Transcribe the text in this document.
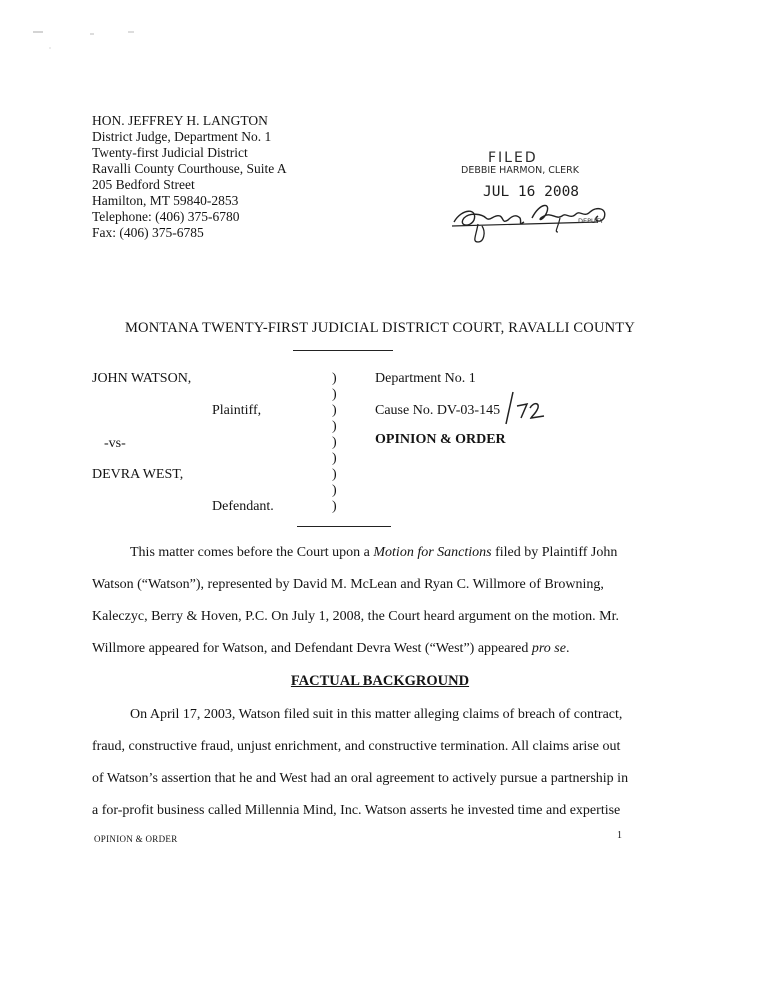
HON. JEFFREY H. LANGTON
District Judge, Department No. 1
Twenty-first Judicial District
Ravalli County Courthouse, Suite A
205 Bedford Street
Hamilton, MT 59840-2853
Telephone: (406) 375-6780
Fax: (406) 375-6785
FILED
DEBBIE HARMON, CLERK
JUL 16 2008
DEPUTY
MONTANA TWENTY-FIRST JUDICIAL DISTRICT COURT, RAVALLI COUNTY
JOHN WATSON,
Plaintiff,
-vs-
DEVRA WEST,
Defendant.
)
)
)
)
)
)
)
)
)
Department No. 1
Cause No. DV-03-145
OPINION & ORDER
This matter comes before the Court upon a Motion for Sanctions filed by Plaintiff John
Watson (“Watson”), represented by David M. McLean and Ryan C. Willmore of Browning,
Kaleczyc, Berry & Hoven, P.C. On July 1, 2008, the Court heard argument on the motion. Mr.
Willmore appeared for Watson, and Defendant Devra West (“West”) appeared pro se.
FACTUAL BACKGROUND
On April 17, 2003, Watson filed suit in this matter alleging claims of breach of contract,
fraud, constructive fraud, unjust enrichment, and constructive termination. All claims arise out
of Watson’s assertion that he and West had an oral agreement to actively pursue a partnership in
a for-profit business called Millennia Mind, Inc. Watson asserts he invested time and expertise
OPINION & ORDER	1
